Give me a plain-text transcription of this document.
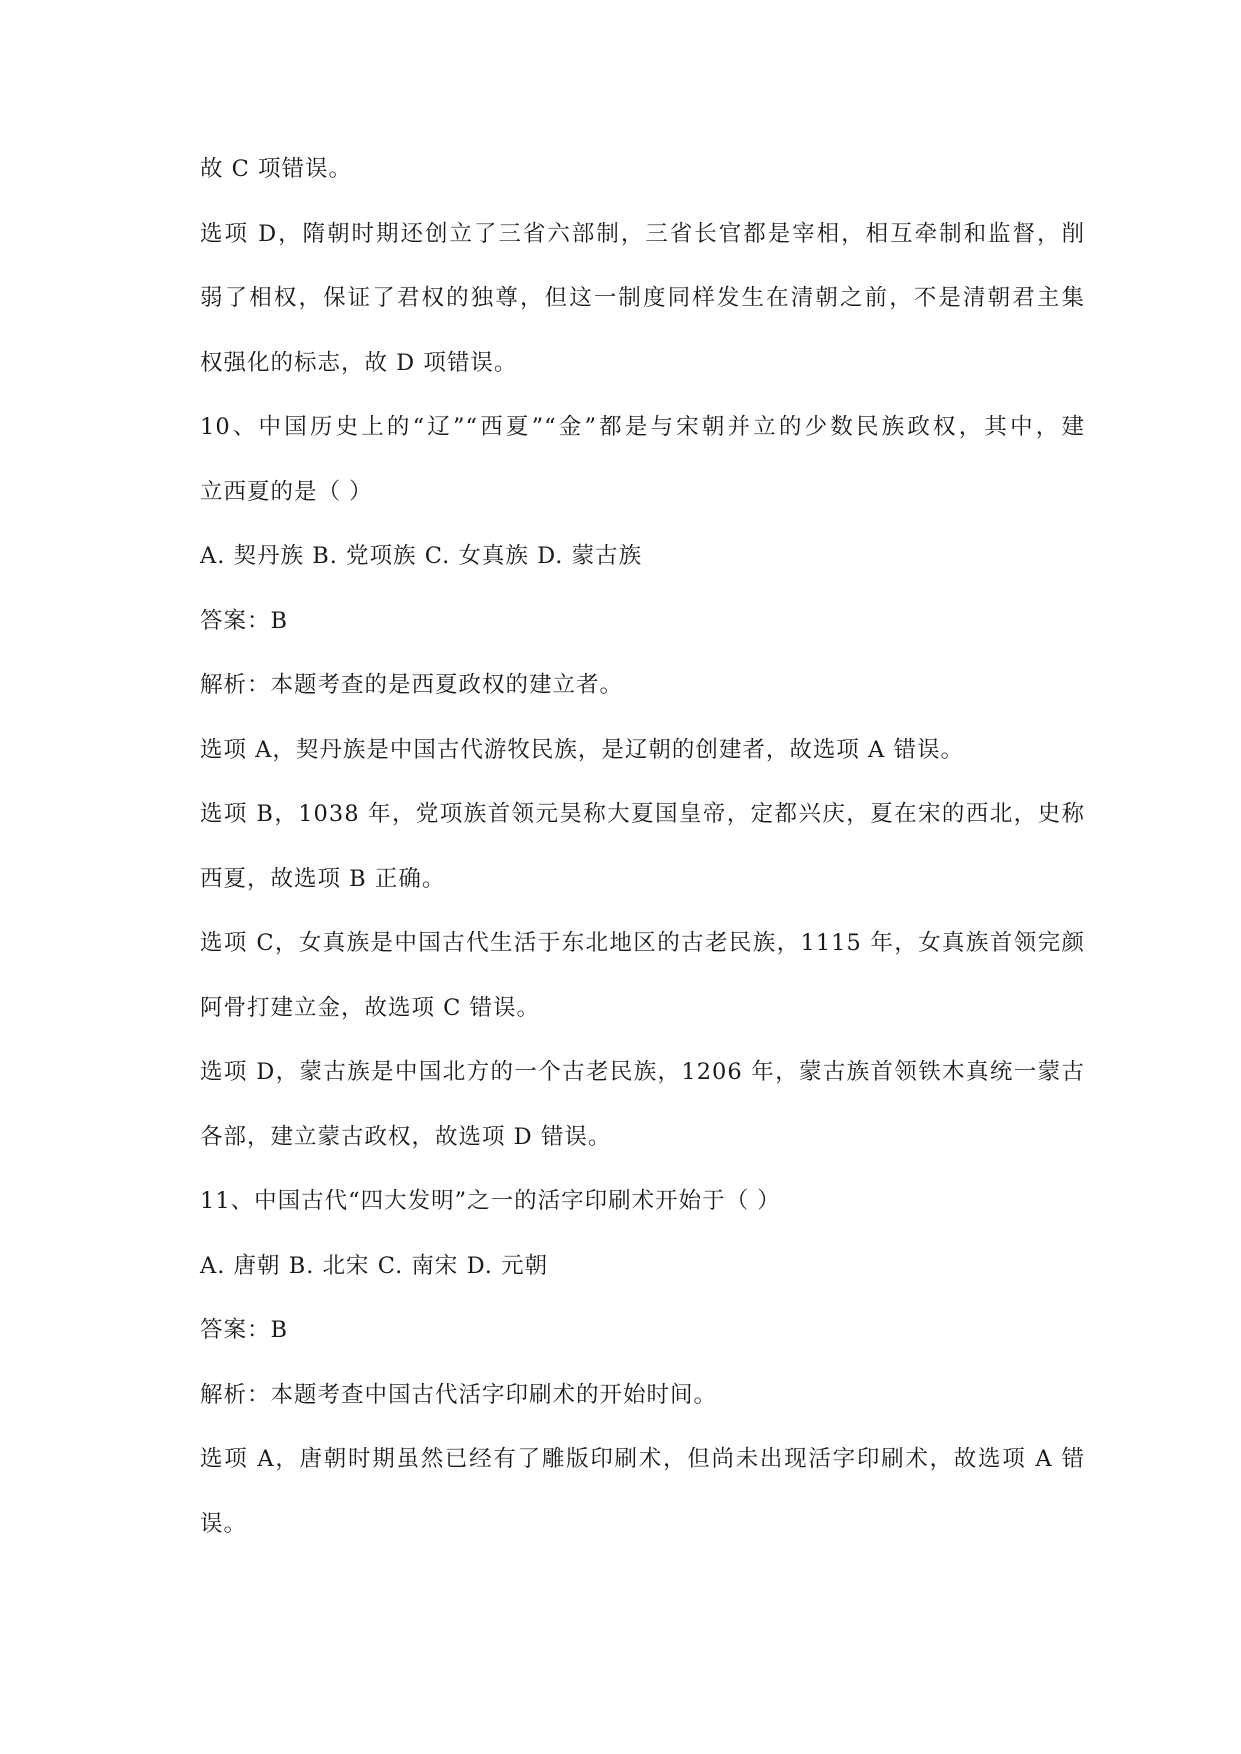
故 C 项错误。
选项 D，隋朝时期还创立了三省六部制，三省长官都是宰相，相互牵制和监督，削
弱了相权，保证了君权的独尊，但这一制度同样发生在清朝之前，不是清朝君主集
权强化的标志，故 D 项错误。
10、中国历史上的“辽”“西夏”“金”都是与宋朝并立的少数民族政权，其中，建
立西夏的是（ ）
A. 契丹族 B. 党项族 C. 女真族 D. 蒙古族
答案：B
解析：本题考查的是西夏政权的建立者。
选项 A，契丹族是中国古代游牧民族，是辽朝的创建者，故选项 A 错误。
选项 B，1038 年，党项族首领元昊称大夏国皇帝，定都兴庆，夏在宋的西北，史称
西夏，故选项 B 正确。
选项 C，女真族是中国古代生活于东北地区的古老民族，1115 年，女真族首领完颜
阿骨打建立金，故选项 C 错误。
选项 D，蒙古族是中国北方的一个古老民族，1206 年，蒙古族首领铁木真统一蒙古
各部，建立蒙古政权，故选项 D 错误。
11、中国古代“四大发明”之一的活字印刷术开始于（ ）
A. 唐朝 B. 北宋 C. 南宋 D. 元朝
答案：B
解析：本题考查中国古代活字印刷术的开始时间。
选项 A，唐朝时期虽然已经有了雕版印刷术，但尚未出现活字印刷术，故选项 A 错
误。
